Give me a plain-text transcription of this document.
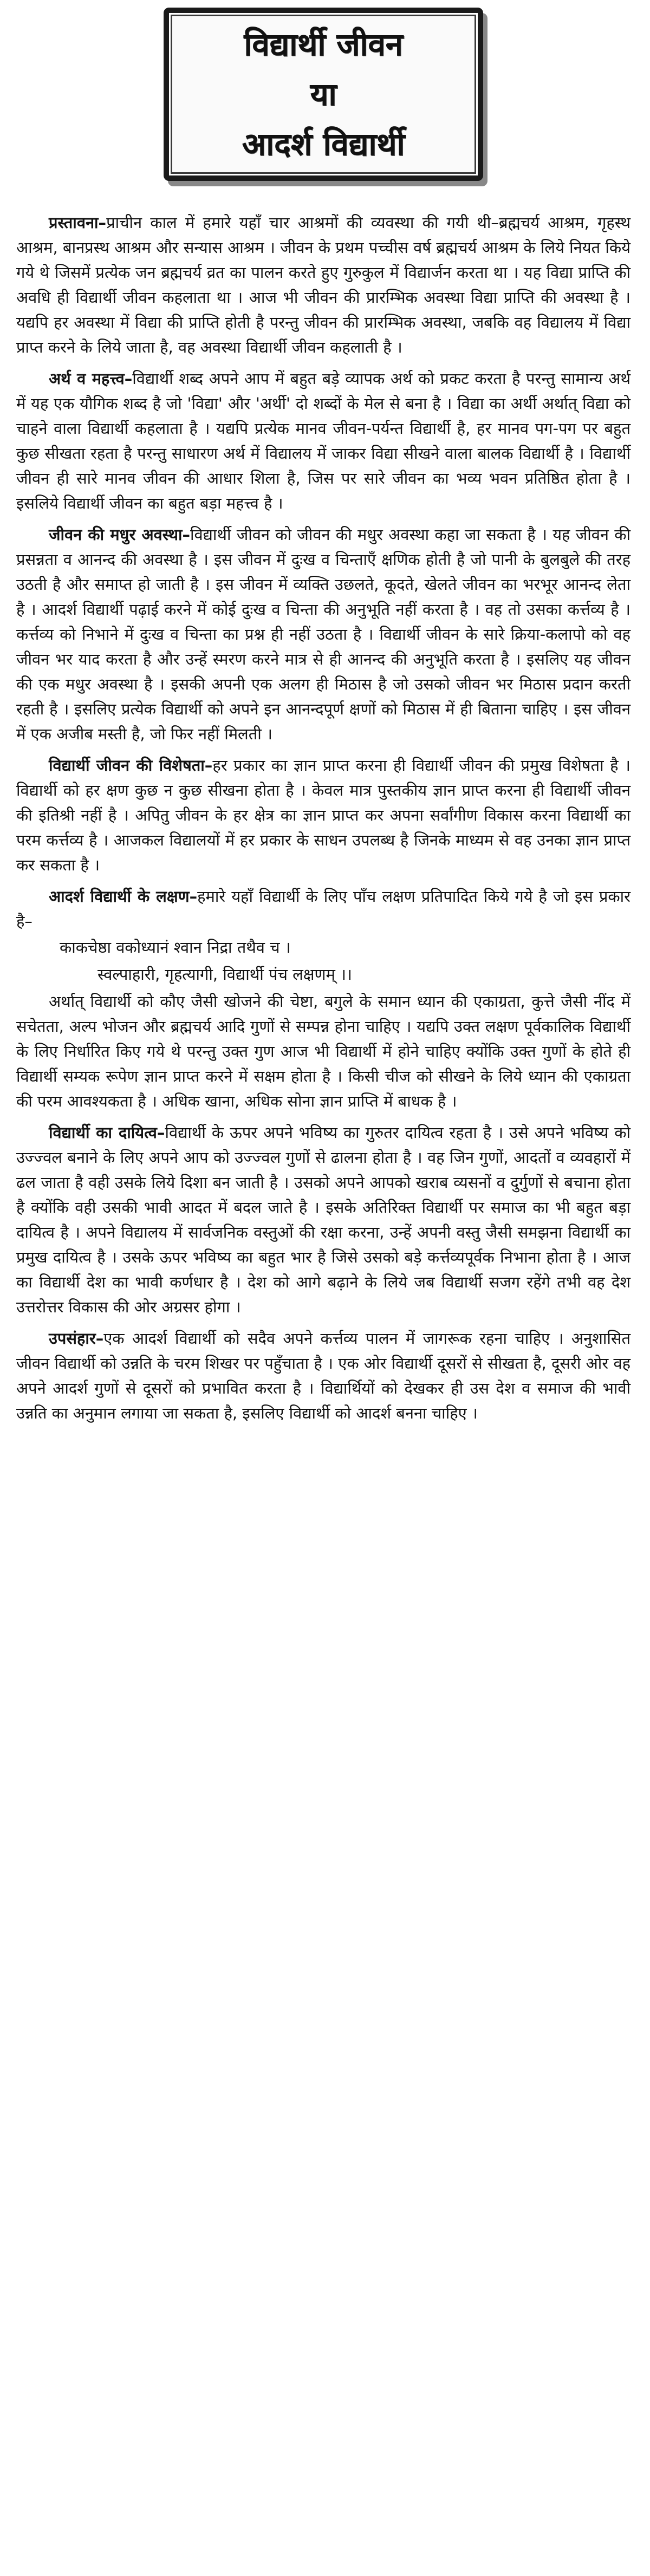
विद्यार्थी जीवन
या
आदर्श विद्यार्थी

प्रस्तावना–प्राचीन काल में हमारे यहाँ चार आश्रमों की व्यवस्था की गयी थी–ब्रह्मचर्य आश्रम, गृहस्थ आश्रम, बानप्रस्थ आश्रम और सन्यास आश्रम । जीवन के प्रथम पच्चीस वर्ष ब्रह्मचर्य आश्रम के लिये नियत किये गये थे जिसमें प्रत्येक जन ब्रह्मचर्य व्रत का पालन करते हुए गुरुकुल में विद्यार्जन करता था । यह विद्या प्राप्ति की अवधि ही विद्यार्थी जीवन कहलाता था । आज भी जीवन की प्रारम्भिक अवस्था विद्या प्राप्ति की अवस्था है । यद्यपि हर अवस्था में विद्या की प्राप्ति होती है परन्तु जीवन की प्रारम्भिक अवस्था, जबकि वह विद्यालय में विद्या प्राप्त करने के लिये जाता है, वह अवस्था विद्यार्थी जीवन कहलाती है ।

अर्थ व महत्त्व–विद्यार्थी शब्द अपने आप में बहुत बड़े व्यापक अर्थ को प्रकट करता है परन्तु सामान्य अर्थ में यह एक यौगिक शब्द है जो 'विद्या' और 'अर्थी' दो शब्दों के मेल से बना है । विद्या का अर्थी अर्थात् विद्या को चाहने वाला विद्यार्थी कहलाता है । यद्यपि प्रत्येक मानव जीवन-पर्यन्त विद्यार्थी है, हर मानव पग-पग पर बहुत कुछ सीखता रहता है परन्तु साधारण अर्थ में विद्यालय में जाकर विद्या सीखने वाला बालक विद्यार्थी है । विद्यार्थी जीवन ही सारे मानव जीवन की आधार शिला है, जिस पर सारे जीवन का भव्य भवन प्रतिष्ठित होता है । इसलिये विद्यार्थी जीवन का बहुत बड़ा महत्त्व है ।

जीवन की मधुर अवस्था–विद्यार्थी जीवन को जीवन की मधुर अवस्था कहा जा सकता है । यह जीवन की प्रसन्नता व आनन्द की अवस्था है । इस जीवन में दुःख व चिन्ताएँ क्षणिक होती है जो पानी के बुलबुले की तरह उठती है और समाप्त हो जाती है । इस जीवन में व्यक्ति उछलते, कूदते, खेलते जीवन का भरभूर आनन्द लेता है । आदर्श विद्यार्थी पढ़ाई करने में कोई दुःख व चिन्ता की अनुभूति नहीं करता है । वह तो उसका कर्त्तव्य है । कर्त्तव्य को निभाने में दुःख व चिन्ता का प्रश्न ही नहीं उठता है । विद्यार्थी जीवन के सारे क्रिया-कलापो को वह जीवन भर याद करता है और उन्हें स्मरण करने मात्र से ही आनन्द की अनुभूति करता है । इसलिए यह जीवन की एक मधुर अवस्था है । इसकी अपनी एक अलग ही मिठास है जो उसको जीवन भर मिठास प्रदान करती रहती है । इसलिए प्रत्येक विद्यार्थी को अपने इन आनन्दपूर्ण क्षणों को मिठास में ही बिताना चाहिए । इस जीवन में एक अजीब मस्ती है, जो फिर नहीं मिलती ।

विद्यार्थी जीवन की विशेषता–हर प्रकार का ज्ञान प्राप्त करना ही विद्यार्थी जीवन की प्रमुख विशेषता है । विद्यार्थी को हर क्षण कुछ न कुछ सीखना होता है । केवल मात्र पुस्तकीय ज्ञान प्राप्त करना ही विद्यार्थी जीवन की इतिश्री नहीं है । अपितु जीवन के हर क्षेत्र का ज्ञान प्राप्त कर अपना सर्वांगीण विकास करना विद्यार्थी का परम कर्त्तव्य है । आजकल विद्यालयों में हर प्रकार के साधन उपलब्ध है जिनके माध्यम से वह उनका ज्ञान प्राप्त कर सकता है ।

आदर्श विद्यार्थी के लक्षण–हमारे यहाँ विद्यार्थी के लिए पाँच लक्षण प्रतिपादित किये गये है जो इस प्रकार है–

काकचेष्ठा वकोध्यानं श्वान निद्रा तथैव च ।
स्वल्पाहारी, गृहत्यागी, विद्यार्थी पंच लक्षणम् ।।

अर्थात् विद्यार्थी को कौए जैसी खोजने की चेष्टा, बगुले के समान ध्यान की एकाग्रता, कुत्ते जैसी नींद में सचेतता, अल्प भोजन और ब्रह्मचर्य आदि गुणों से सम्पन्न होना चाहिए । यद्यपि उक्त लक्षण पूर्वकालिक विद्यार्थी के लिए निर्धारित किए गये थे परन्तु उक्त गुण आज भी विद्यार्थी में होने चाहिए क्योंकि उक्त गुणों के होते ही विद्यार्थी सम्यक रूपेण ज्ञान प्राप्त करने में सक्षम होता है । किसी चीज को सीखने के लिये ध्यान की एकाग्रता की परम आवश्यकता है । अधिक खाना, अधिक सोना ज्ञान प्राप्ति में बाधक है ।

विद्यार्थी का दायित्व–विद्यार्थी के ऊपर अपने भविष्य का गुरुतर दायित्व रहता है । उसे अपने भविष्य को उज्ज्वल बनाने के लिए अपने आप को उज्ज्वल गुणों से ढालना होता है । वह जिन गुणों, आदतों व व्यवहारों में ढल जाता है वही उसके लिये दिशा बन जाती है । उसको अपने आपको खराब व्यसनों व दुर्गुणों से बचाना होता है क्योंकि वही उसकी भावी आदत में बदल जाते है । इसके अतिरिक्त विद्यार्थी पर समाज का भी बहुत बड़ा दायित्व है । अपने विद्यालय में सार्वजनिक वस्तुओं की रक्षा करना, उन्हें अपनी वस्तु जैसी समझना विद्यार्थी का प्रमुख दायित्व है । उसके ऊपर भविष्य का बहुत भार है जिसे उसको बड़े कर्त्तव्यपूर्वक निभाना होता है । आज का विद्यार्थी देश का भावी कर्णधार है । देश को आगे बढ़ाने के लिये जब विद्यार्थी सजग रहेंगे तभी वह देश उत्तरोत्तर विकास की ओर अग्रसर होगा ।

उपसंहार–एक आदर्श विद्यार्थी को सदैव अपने कर्त्तव्य पालन में जागरूक रहना चाहिए । अनुशासित जीवन विद्यार्थी को उन्नति के चरम शिखर पर पहुँचाता है । एक ओर विद्यार्थी दूसरों से सीखता है, दूसरी ओर वह अपने आदर्श गुणों से दूसरों को प्रभावित करता है । विद्यार्थियों को देखकर ही उस देश व समाज की भावी उन्नति का अनुमान लगाया जा सकता है, इसलिए विद्यार्थी को आदर्श बनना चाहिए ।
